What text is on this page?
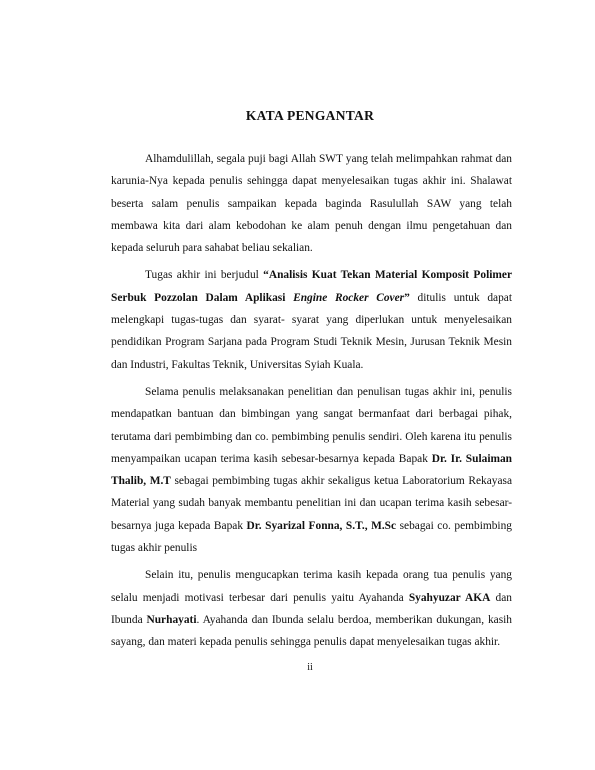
KATA PENGANTAR

Alhamdulillah, segala puji bagi Allah SWT yang telah melimpahkan rahmat dan karunia-Nya kepada penulis sehingga dapat menyelesaikan tugas akhir ini. Shalawat beserta salam penulis sampaikan kepada baginda Rasulullah SAW yang telah membawa kita dari alam kebodohan ke alam penuh dengan ilmu pengetahuan dan kepada seluruh para sahabat beliau sekalian.

Tugas akhir ini berjudul “Analisis Kuat Tekan Material Komposit Polimer Serbuk Pozzolan Dalam Aplikasi Engine Rocker Cover” ditulis untuk dapat melengkapi tugas-tugas dan syarat- syarat yang diperlukan untuk menyelesaikan pendidikan Program Sarjana pada Program Studi Teknik Mesin, Jurusan Teknik Mesin dan Industri, Fakultas Teknik, Universitas Syiah Kuala.

Selama penulis melaksanakan penelitian dan penulisan tugas akhir ini, penulis mendapatkan bantuan dan bimbingan yang sangat bermanfaat dari berbagai pihak, terutama dari pembimbing dan co. pembimbing penulis sendiri. Oleh karena itu penulis menyampaikan ucapan terima kasih sebesar-besarnya kepada Bapak Dr. Ir. Sulaiman Thalib, M.T sebagai pembimbing tugas akhir sekaligus ketua Laboratorium Rekayasa Material yang sudah banyak membantu penelitian ini dan ucapan terima kasih sebesar-besarnya juga kepada Bapak Dr. Syarizal Fonna, S.T., M.Sc sebagai co. pembimbing tugas akhir penulis

Selain itu, penulis mengucapkan terima kasih kepada orang tua penulis yang selalu menjadi motivasi terbesar dari penulis yaitu Ayahanda Syahyuzar AKA dan Ibunda Nurhayati. Ayahanda dan Ibunda selalu berdoa, memberikan dukungan, kasih sayang, dan materi kepada penulis sehingga penulis dapat menyelesaikan tugas akhir.

ii
